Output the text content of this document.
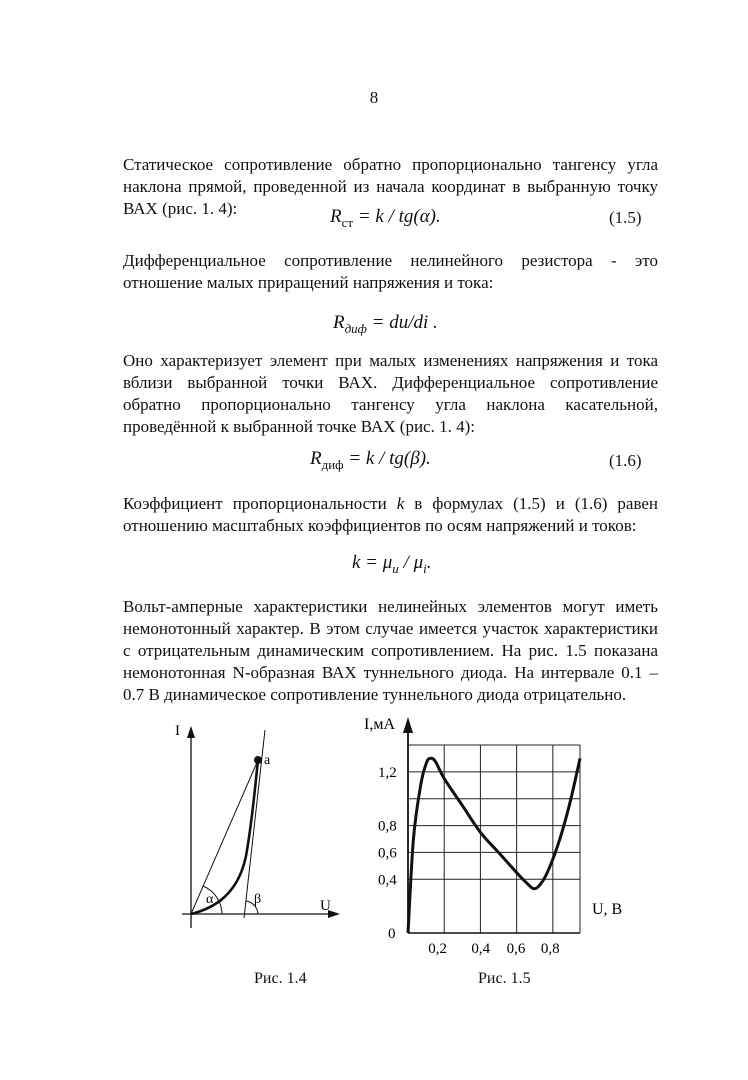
8
Статическое сопротивление обратно пропорционально тангенсу угла наклона прямой, проведенной из начала координат в выбранную точку ВАХ (рис. 1. 4):	$R_{ст} = k / tg(\alpha)$.	(1.5)
Дифференциальное сопротивление нелинейного резистора - это отношение малых приращений напряжения и тока:
$R_{диф} = du/di$ .
Оно характеризует элемент при малых изменениях напряжения и тока вблизи выбранной точки ВАХ. Дифференциальное сопротивление обратно пропорционально тангенсу угла наклона касательной, проведённой к выбранной точке ВАХ (рис. 1. 4):
$R_{диф} = k / tg(\beta)$.	(1.6)
Коэффициент пропорциональности k в формулах (1.5) и (1.6) равен отношению масштабных коэффициентов по осям напряжений и токов:
$k = \mu_u / \mu_i$.
Вольт-амперные характеристики нелинейных элементов могут иметь немонотонный характер. В этом случае имеется участок характеристики с отрицательным динамическим сопротивлением. На рис. 1.5 показана немонотонная N-образная ВАХ туннельного диода. На интервале 0.1 – 0.7 В динамическое сопротивление туннельного диода отрицательно.
I
U
a
α	β
Рис. 1.4
1,2
0,8
0,6
0,4
0,2 0,4 0,6 0,8
I,мА
U, В
0
Рис. 1.5
